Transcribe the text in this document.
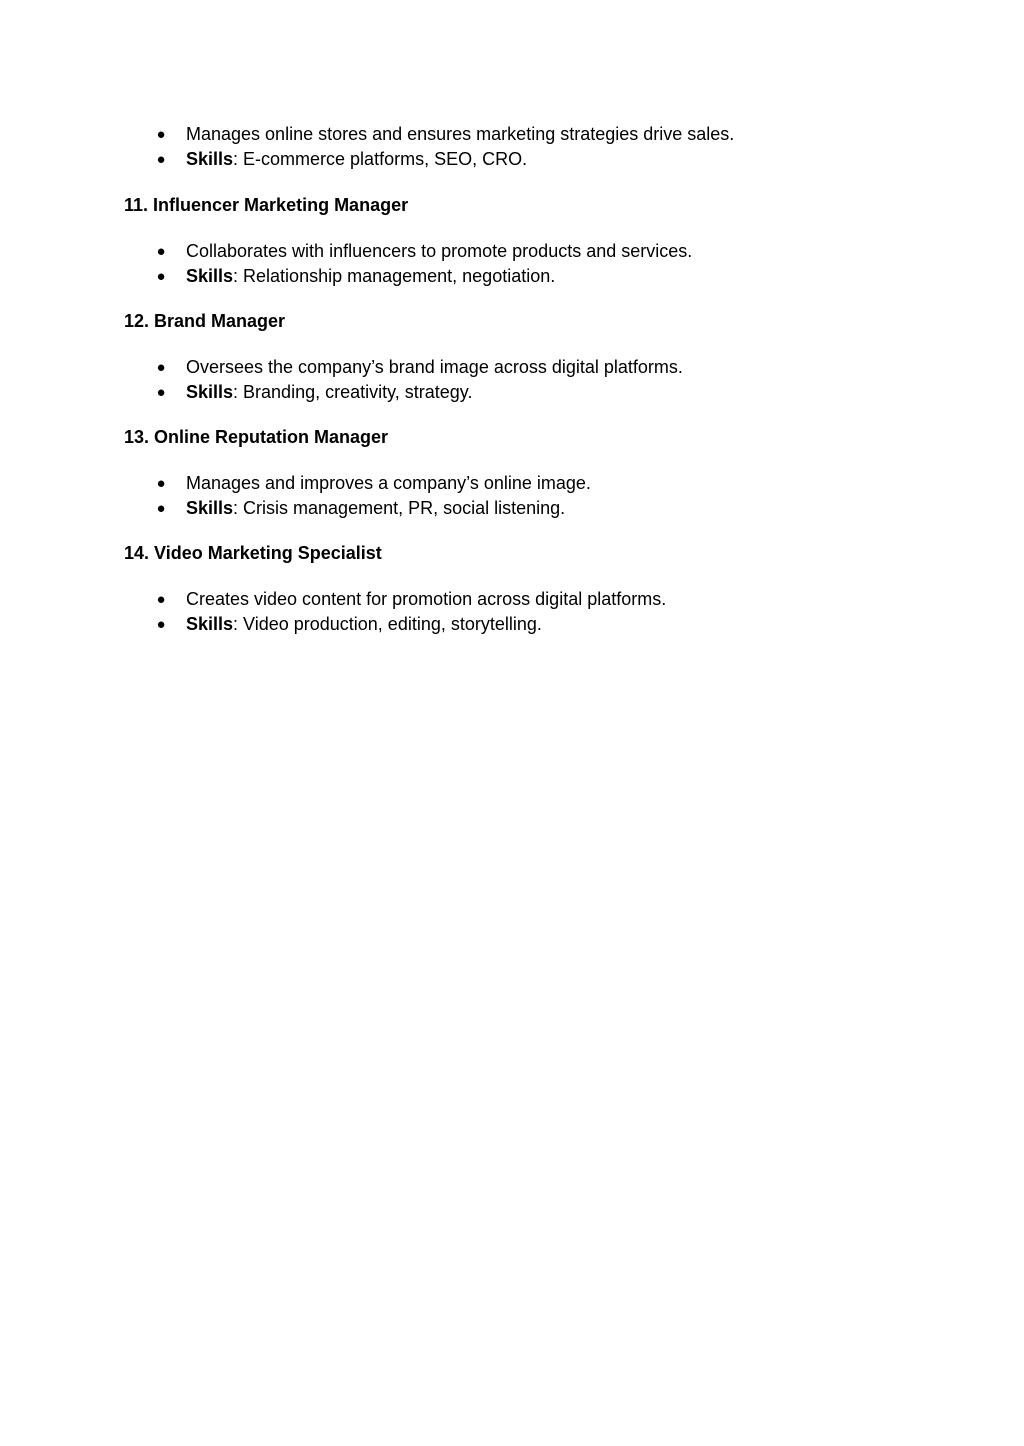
● Manages online stores and ensures marketing strategies drive sales.
● Skills: E-commerce platforms, SEO, CRO.
11. Influencer Marketing Manager
● Collaborates with influencers to promote products and services.
● Skills: Relationship management, negotiation.
12. Brand Manager
● Oversees the company’s brand image across digital platforms.
● Skills: Branding, creativity, strategy.
13. Online Reputation Manager
● Manages and improves a company’s online image.
● Skills: Crisis management, PR, social listening.
14. Video Marketing Specialist
● Creates video content for promotion across digital platforms.
● Skills: Video production, editing, storytelling.
